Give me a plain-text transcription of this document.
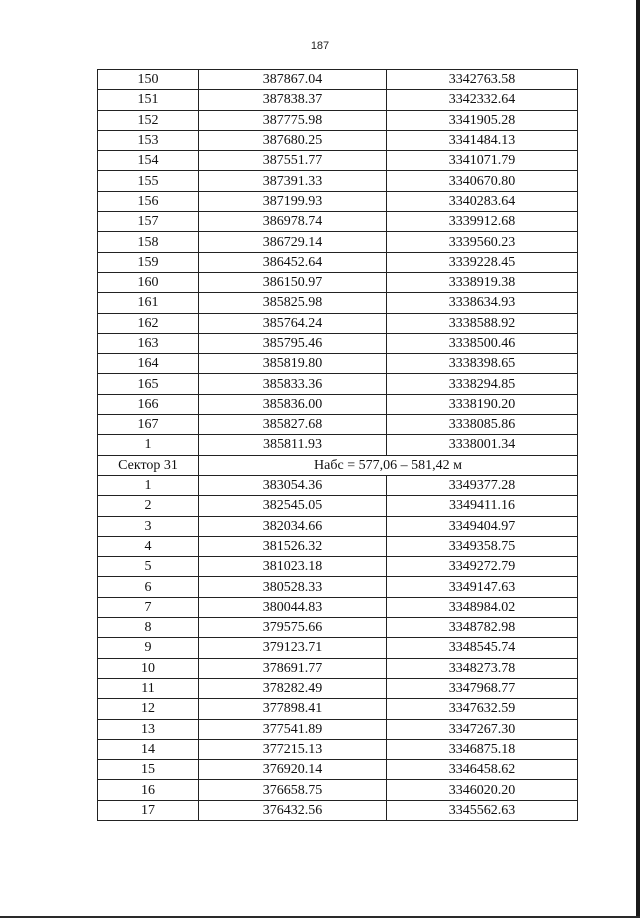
187
150	387867.04	3342763.58
151	387838.37	3342332.64
152	387775.98	3341905.28
153	387680.25	3341484.13
154	387551.77	3341071.79
155	387391.33	3340670.80
156	387199.93	3340283.64
157	386978.74	3339912.68
158	386729.14	3339560.23
159	386452.64	3339228.45
160	386150.97	3338919.38
161	385825.98	3338634.93
162	385764.24	3338588.92
163	385795.46	3338500.46
164	385819.80	3338398.65
165	385833.36	3338294.85
166	385836.00	3338190.20
167	385827.68	3338085.86
1	385811.93	3338001.34
Сектор 31	Набс = 577,06 – 581,42 м	
1	383054.36	3349377.28
2	382545.05	3349411.16
3	382034.66	3349404.97
4	381526.32	3349358.75
5	381023.18	3349272.79
6	380528.33	3349147.63
7	380044.83	3348984.02
8	379575.66	3348782.98
9	379123.71	3348545.74
10	378691.77	3348273.78
11	378282.49	3347968.77
12	377898.41	3347632.59
13	377541.89	3347267.30
14	377215.13	3346875.18
15	376920.14	3346458.62
16	376658.75	3346020.20
17	376432.56	3345562.63
